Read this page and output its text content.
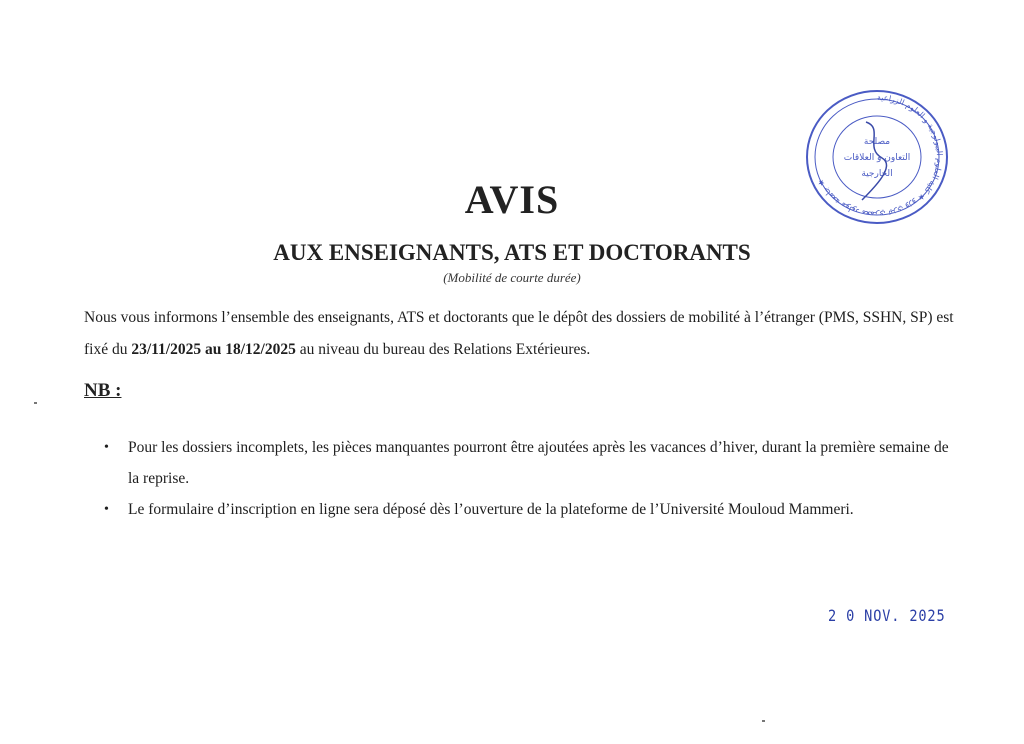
جامعة مولود معمري تيزي وزو ★ كلية العلوم البيولوجية و العلوم الزراعية ★
مصلحة
التعاون و العلاقات
الخارجية
AVIS
AUX ENSEIGNANTS, ATS ET DOCTORANTS
(Mobilité de courte durée)
Nous vous informons l’ensemble des enseignants, ATS et doctorants que le dépôt des dossiers de mobilité à l’étranger (PMS, SSHN, SP) est fixé du 23/11/2025 au 18/12/2025 au niveau du bureau des Relations Extérieures.
NB :
• Pour les dossiers incomplets, les pièces manquantes pourront être ajoutées après les vacances d’hiver, durant la première semaine de la reprise.
• Le formulaire d’inscription en ligne sera déposé dès l’ouverture de la plateforme de l’Université Mouloud Mammeri.
2 0 NOV. 2025
